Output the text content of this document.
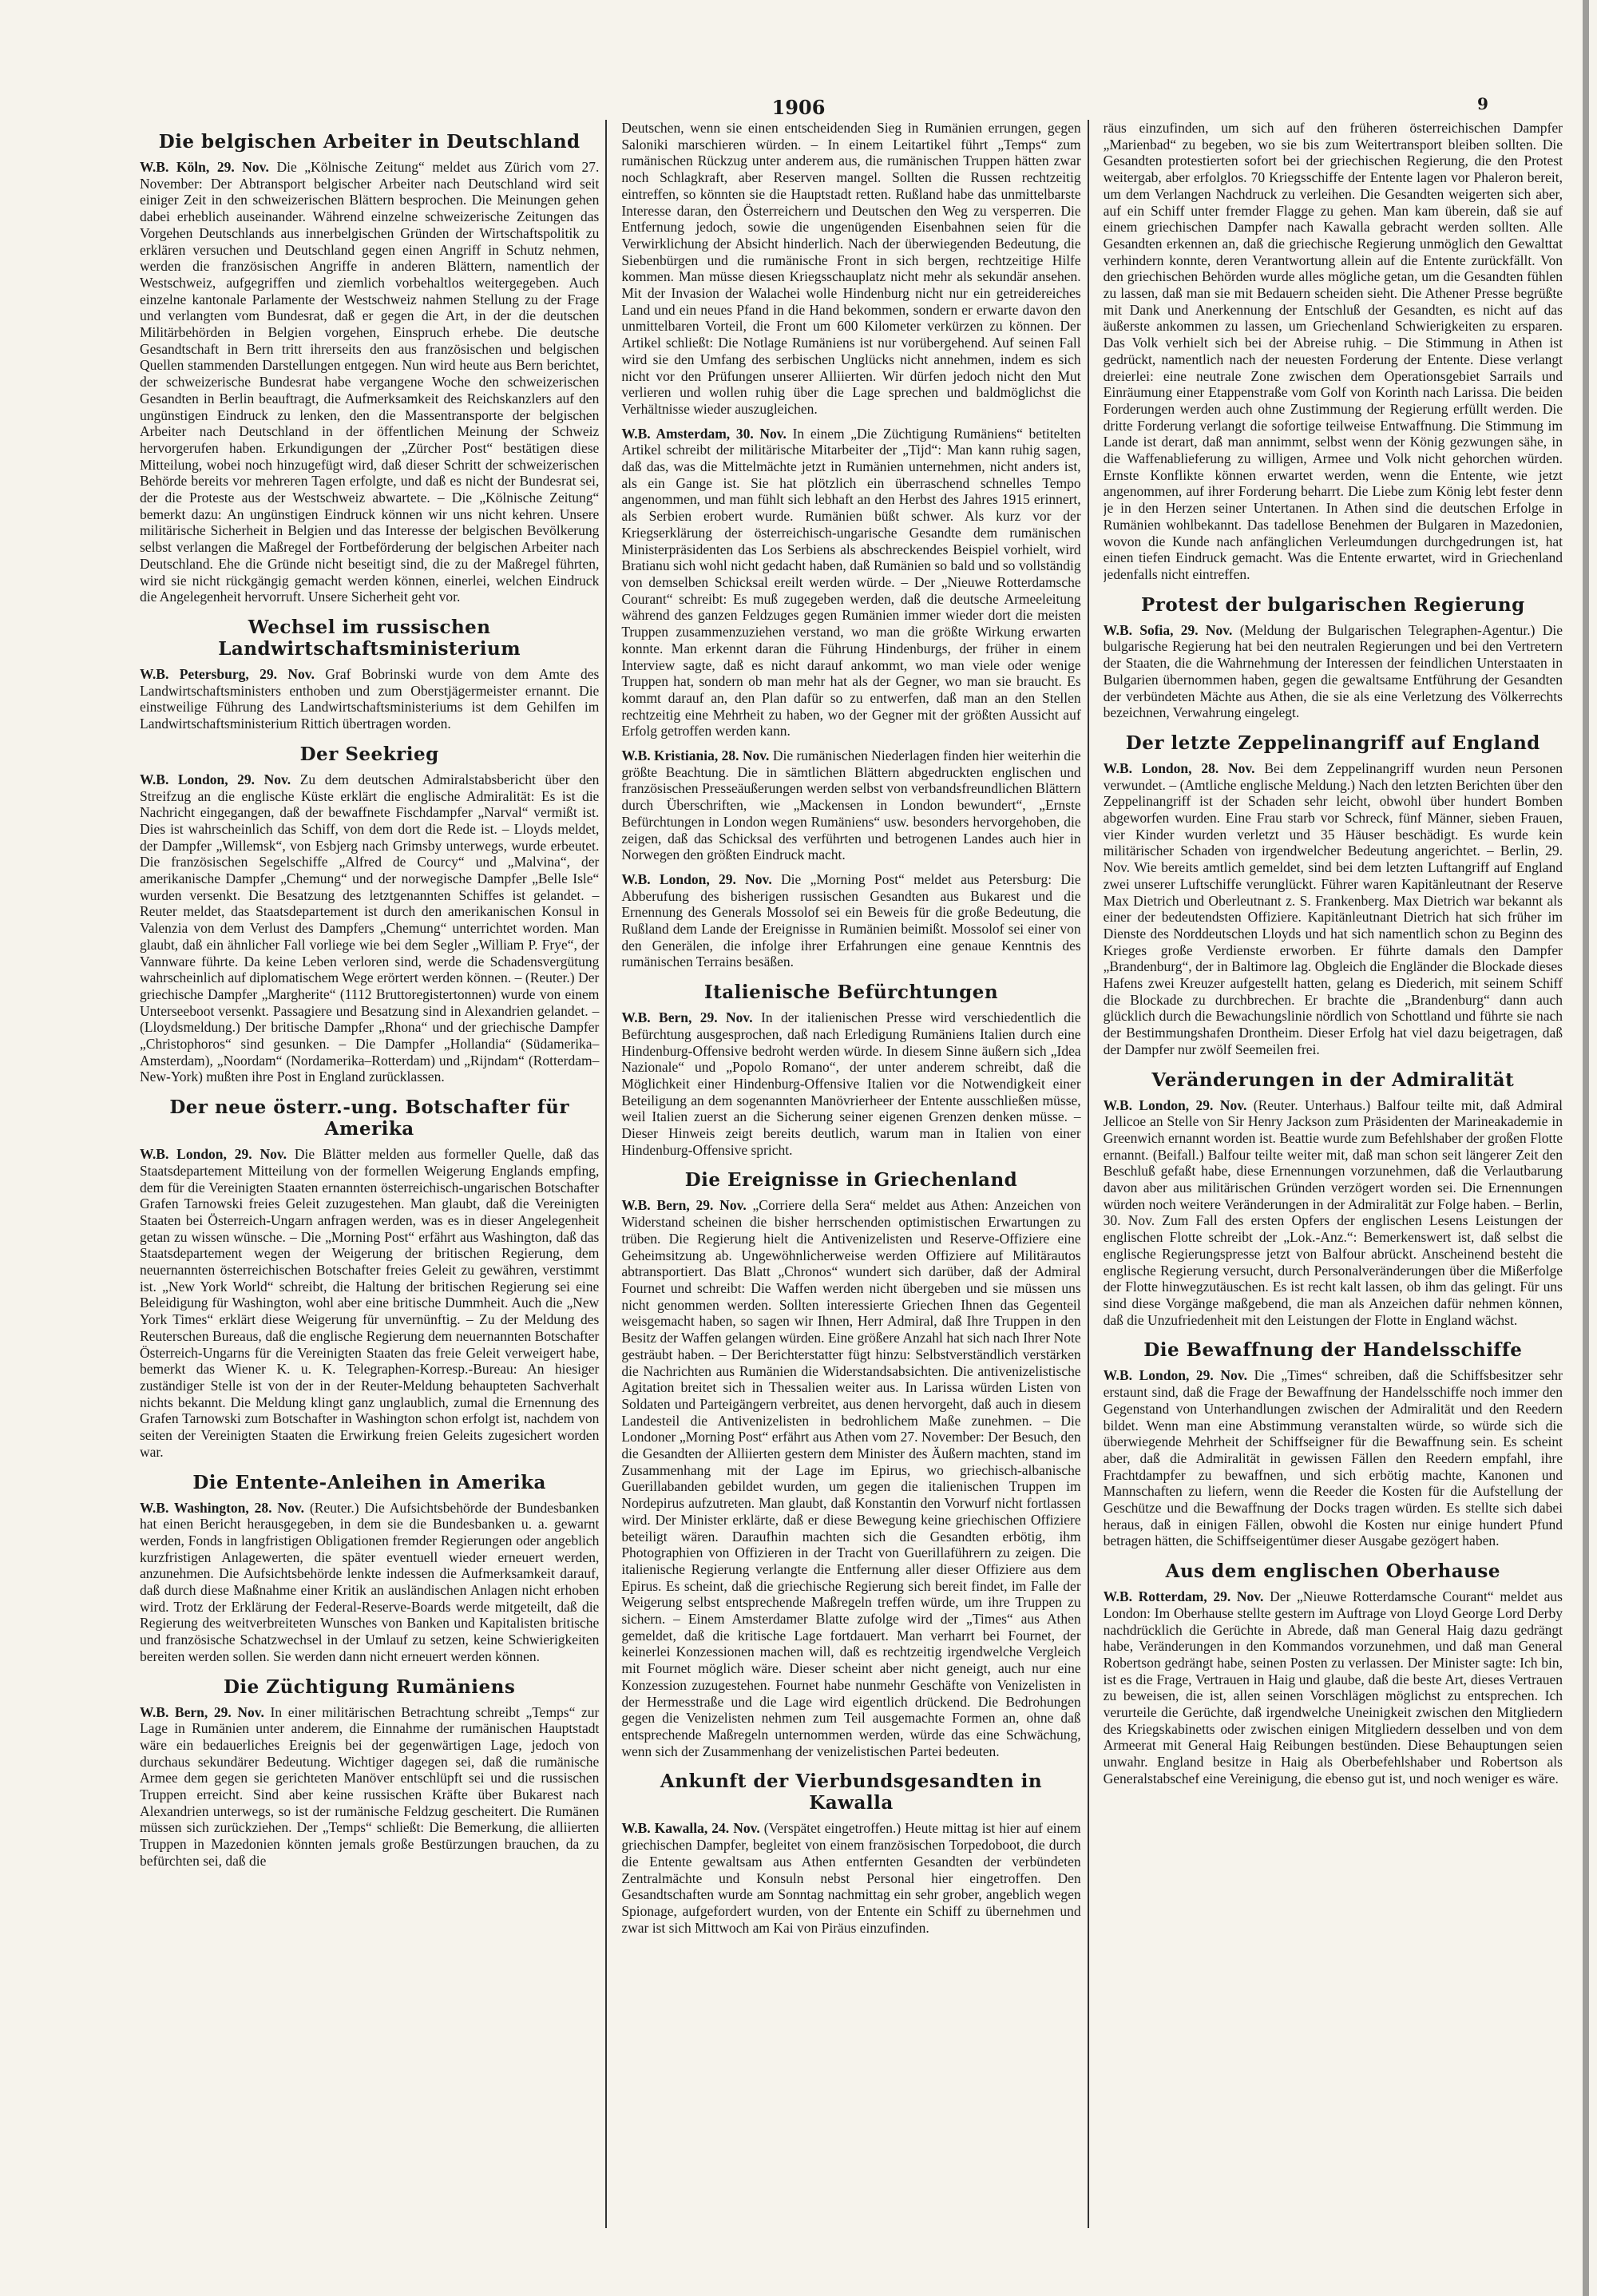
1906	9
Die belgischen Arbeiter in Deutschland

W.B. Köln, 29. Nov. Die „Kölnische Zeitung“ meldet aus Zürich vom 27. November: Der Abtransport belgischer Arbeiter nach Deutschland wird seit einiger Zeit in den schweizerischen Blättern besprochen. Die Meinungen gehen dabei erheblich auseinander. Während einzelne schweizerische Zeitungen das Vorgehen Deutschlands aus innerbelgischen Gründen der Wirtschaftspolitik zu erklären versuchen und Deutschland gegen einen Angriff in Schutz nehmen, werden die französischen Angriffe in anderen Blättern, namentlich der Westschweiz, aufgegriffen und ziemlich vorbehaltlos weitergegeben. Auch einzelne kantonale Parlamente der Westschweiz nahmen Stellung zu der Frage und verlangten vom Bundesrat, daß er gegen die Art, in der die deutschen Militärbehörden in Belgien vorgehen, Einspruch erhebe. Die deutsche Gesandtschaft in Bern tritt ihrerseits den aus französischen und belgischen Quellen stammenden Darstellungen entgegen. Nun wird heute aus Bern berichtet, der schweizerische Bundesrat habe vergangene Woche den schweizerischen Gesandten in Berlin beauftragt, die Aufmerksamkeit des Reichskanzlers auf den ungünstigen Eindruck zu lenken, den die Massentransporte der belgischen Arbeiter nach Deutschland in der öffentlichen Meinung der Schweiz hervorgerufen haben. Erkundigungen der „Zürcher Post“ bestätigen diese Mitteilung, wobei noch hinzugefügt wird, daß dieser Schritt der schweizerischen Behörde bereits vor mehreren Tagen erfolgte, und daß es nicht der Bundesrat sei, der die Proteste aus der Westschweiz abwartete. – Die „Kölnische Zeitung“ bemerkt dazu: An ungünstigen Eindruck können wir uns nicht kehren. Unsere militärische Sicherheit in Belgien und das Interesse der belgischen Bevölkerung selbst verlangen die Maßregel der Fortbeförderung der belgischen Arbeiter nach Deutschland. Ehe die Gründe nicht beseitigt sind, die zu der Maßregel führten, wird sie nicht rückgängig gemacht werden können, einerlei, welchen Eindruck die Angelegenheit hervorruft. Unsere Sicherheit geht vor.

Wechsel im russischen Landwirtschaftsministerium

W.B. Petersburg, 29. Nov. Graf Bobrinski wurde von dem Amte des Landwirtschaftsministers enthoben und zum Oberstjägermeister ernannt. Die einstweilige Führung des Landwirtschaftsministeriums ist dem Gehilfen im Landwirtschaftsministerium Rittich übertragen worden.

Der Seekrieg

W.B. London, 29. Nov. Zu dem deutschen Admiralstabsbericht über den Streifzug an die englische Küste erklärt die englische Admiralität: Es ist die Nachricht eingegangen, daß der bewaffnete Fischdampfer „Narval“ vermißt ist. Dies ist wahrscheinlich das Schiff, von dem dort die Rede ist. – Lloyds meldet, der Dampfer „Willemsk“, von Esbjerg nach Grimsby unterwegs, wurde erbeutet. Die französischen Segelschiffe „Alfred de Courcy“ und „Malvina“, der amerikanische Dampfer „Chemung“ und der norwegische Dampfer „Belle Isle“ wurden versenkt. Die Besatzung des letztgenannten Schiffes ist gelandet. – Reuter meldet, das Staatsdepartement ist durch den amerikanischen Konsul in Valenzia von dem Verlust des Dampfers „Chemung“ unterrichtet worden. Man glaubt, daß ein ähnlicher Fall vorliege wie bei dem Segler „William P. Frye“, der Vannware führte. Da keine Leben verloren sind, werde die Schadensvergütung wahrscheinlich auf diplomatischem Wege erörtert werden können. – (Reuter.) Der griechische Dampfer „Margherite“ (1112 Bruttoregistertonnen) wurde von einem Unterseeboot versenkt. Passagiere und Besatzung sind in Alexandrien gelandet. – (Lloydsmeldung.) Der britische Dampfer „Rhona“ und der griechische Dampfer „Christophoros“ sind gesunken. – Die Dampfer „Hollandia“ (Südamerika–Amsterdam), „Noordam“ (Nordamerika–Rotterdam) und „Rijndam“ (Rotterdam–New-York) mußten ihre Post in England zurücklassen.

Der neue österr.-ung. Botschafter für Amerika

W.B. London, 29. Nov. Die Blätter melden aus formeller Quelle, daß das Staatsdepartement Mitteilung von der formellen Weigerung Englands empfing, dem für die Vereinigten Staaten ernannten österreichisch-ungarischen Botschafter Grafen Tarnowski freies Geleit zuzugestehen. Man glaubt, daß die Vereinigten Staaten bei Österreich-Ungarn anfragen werden, was es in dieser Angelegenheit getan zu wissen wünsche. – Die „Morning Post“ erfährt aus Washington, daß das Staatsdepartement wegen der Weigerung der britischen Regierung, dem neuernannten österreichischen Botschafter freies Geleit zu gewähren, verstimmt ist. „New York World“ schreibt, die Haltung der britischen Regierung sei eine Beleidigung für Washington, wohl aber eine britische Dummheit. Auch die „New York Times“ erklärt diese Weigerung für unvernünftig. – Zu der Meldung des Reuterschen Bureaus, daß die englische Regierung dem neuernannten Botschafter Österreich-Ungarns für die Vereinigten Staaten das freie Geleit verweigert habe, bemerkt das Wiener K. u. K. Telegraphen-Korresp.-Bureau: An hiesiger zuständiger Stelle ist von der in der Reuter-Meldung behaupteten Sachverhalt nichts bekannt. Die Meldung klingt ganz unglaublich, zumal die Ernennung des Grafen Tarnowski zum Botschafter in Washington schon erfolgt ist, nachdem von seiten der Vereinigten Staaten die Erwirkung freien Geleits zugesichert worden war.

Die Entente-Anleihen in Amerika

W.B. Washington, 28. Nov. (Reuter.) Die Aufsichtsbehörde der Bundesbanken hat einen Bericht herausgegeben, in dem sie die Bundesbanken u. a. gewarnt werden, Fonds in langfristigen Obligationen fremder Regierungen oder angeblich kurzfristigen Anlagewerten, die später eventuell wieder erneuert werden, anzunehmen. Die Aufsichtsbehörde lenkte indessen die Aufmerksamkeit darauf, daß durch diese Maßnahme einer Kritik an ausländischen Anlagen nicht erhoben wird. Trotz der Erklärung der Federal-Reserve-Boards werde mitgeteilt, daß die Regierung des weitverbreiteten Wunsches von Banken und Kapitalisten britische und französische Schatzwechsel in der Umlauf zu setzen, keine Schwierigkeiten bereiten werden sollen. Sie werden dann nicht erneuert werden können.

Die Züchtigung Rumäniens

W.B. Bern, 29. Nov. In einer militärischen Betrachtung schreibt „Temps“ zur Lage in Rumänien unter anderem, die Einnahme der rumänischen Hauptstadt wäre ein bedauerliches Ereignis bei der gegenwärtigen Lage, jedoch von durchaus sekundärer Bedeutung. Wichtiger dagegen sei, daß die rumänische Armee dem gegen sie gerichteten Manöver entschlüpft sei und die russischen Truppen erreicht. Sind aber keine russischen Kräfte über Bukarest nach Alexandrien unterwegs, so ist der rumänische Feldzug gescheitert. Die Rumänen müssen sich zurückziehen. Der „Temps“ schließt: Die Bemerkung, die alliierten Truppen in Mazedonien könnten jemals große Bestürzungen brauchen, da zu befürchten sei, daß die

Deutschen, wenn sie einen entscheidenden Sieg in Rumänien errungen, gegen Saloniki marschieren würden. – In einem Leitartikel führt „Temps“ zum rumänischen Rückzug unter anderem aus, die rumänischen Truppen hätten zwar noch Schlagkraft, aber Reserven mangel. Sollten die Russen rechtzeitig eintreffen, so könnten sie die Hauptstadt retten. Rußland habe das unmittelbarste Interesse daran, den Österreichern und Deutschen den Weg zu versperren. Die Entfernung jedoch, sowie die ungenügenden Eisenbahnen seien für die Verwirklichung der Absicht hinderlich. Nach der überwiegenden Bedeutung, die Siebenbürgen und die rumänische Front in sich bergen, rechtzeitige Hilfe kommen. Man müsse diesen Kriegsschauplatz nicht mehr als sekundär ansehen. Mit der Invasion der Walachei wolle Hindenburg nicht nur ein getreidereiches Land und ein neues Pfand in die Hand bekommen, sondern er erwarte davon den unmittelbaren Vorteil, die Front um 600 Kilometer verkürzen zu können. Der Artikel schließt: Die Notlage Rumäniens ist nur vorübergehend. Auf seinen Fall wird sie den Umfang des serbischen Unglücks nicht annehmen, indem es sich nicht vor den Prüfungen unserer Alliierten. Wir dürfen jedoch nicht den Mut verlieren und wollen ruhig über die Lage sprechen und baldmöglichst die Verhältnisse wieder auszugleichen.

W.B. Amsterdam, 30. Nov. In einem „Die Züchtigung Rumäniens“ betitelten Artikel schreibt der militärische Mitarbeiter der „Tijd“: Man kann ruhig sagen, daß das, was die Mittelmächte jetzt in Rumänien unternehmen, nicht anders ist, als ein Gange ist. Sie hat plötzlich ein überraschend schnelles Tempo angenommen, und man fühlt sich lebhaft an den Herbst des Jahres 1915 erinnert, als Serbien erobert wurde. Rumänien büßt schwer. Als kurz vor der Kriegserklärung der österreichisch-ungarische Gesandte dem rumänischen Ministerpräsidenten das Los Serbiens als abschreckendes Beispiel vorhielt, wird Bratianu sich wohl nicht gedacht haben, daß Rumänien so bald und so vollständig von demselben Schicksal ereilt werden würde. – Der „Nieuwe Rotterdamsche Courant“ schreibt: Es muß zugegeben werden, daß die deutsche Armeeleitung während des ganzen Feldzuges gegen Rumänien immer wieder dort die meisten Truppen zusammenzuziehen verstand, wo man die größte Wirkung erwarten konnte. Man erkennt daran die Führung Hindenburgs, der früher in einem Interview sagte, daß es nicht darauf ankommt, wo man viele oder wenige Truppen hat, sondern ob man mehr hat als der Gegner, wo man sie braucht. Es kommt darauf an, den Plan dafür so zu entwerfen, daß man an den Stellen rechtzeitig eine Mehrheit zu haben, wo der Gegner mit der größten Aussicht auf Erfolg getroffen werden kann.

W.B. Kristiania, 28. Nov. Die rumänischen Niederlagen finden hier weiterhin die größte Beachtung. Die in sämtlichen Blättern abgedruckten englischen und französischen Presseäußerungen werden selbst von verbandsfreundlichen Blättern durch Überschriften, wie „Mackensen in London bewundert“, „Ernste Befürchtungen in London wegen Rumäniens“ usw. besonders hervorgehoben, die zeigen, daß das Schicksal des verführten und betrogenen Landes auch hier in Norwegen den größten Eindruck macht.

W.B. London, 29. Nov. Die „Morning Post“ meldet aus Petersburg: Die Abberufung des bisherigen russischen Gesandten aus Bukarest und die Ernennung des Generals Mossolof sei ein Beweis für die große Bedeutung, die Rußland dem Lande der Ereignisse in Rumänien beimißt. Mossolof sei einer von den Generälen, die infolge ihrer Erfahrungen eine genaue Kenntnis des rumänischen Terrains besäßen.

Italienische Befürchtungen

W.B. Bern, 29. Nov. In der italienischen Presse wird verschiedentlich die Befürchtung ausgesprochen, daß nach Erledigung Rumäniens Italien durch eine Hindenburg-Offensive bedroht werden würde. In diesem Sinne äußern sich „Idea Nazionale“ und „Popolo Romano“, der unter anderem schreibt, daß die Möglichkeit einer Hindenburg-Offensive Italien vor die Notwendigkeit einer Beteiligung an dem sogenannten Manövrierheer der Entente ausschließen müsse, weil Italien zuerst an die Sicherung seiner eigenen Grenzen denken müsse. – Dieser Hinweis zeigt bereits deutlich, warum man in Italien von einer Hindenburg-Offensive spricht.

Die Ereignisse in Griechenland

W.B. Bern, 29. Nov. „Corriere della Sera“ meldet aus Athen: Anzeichen von Widerstand scheinen die bisher herrschenden optimistischen Erwartungen zu trüben. Die Regierung hielt die Antivenizelisten und Reserve-Offiziere eine Geheimsitzung ab. Ungewöhnlicherweise werden Offiziere auf Militärautos abtransportiert. Das Blatt „Chronos“ wundert sich darüber, daß der Admiral Fournet und schreibt: Die Waffen werden nicht übergeben und sie müssen uns nicht genommen werden. Sollten interessierte Griechen Ihnen das Gegenteil weisgemacht haben, so sagen wir Ihnen, Herr Admiral, daß Ihre Truppen in den Besitz der Waffen gelangen würden. Eine größere Anzahl hat sich nach Ihrer Note gesträubt haben. – Der Berichterstatter fügt hinzu: Selbstverständlich verstärken die Nachrichten aus Rumänien die Widerstandsabsichten. Die antivenizelistische Agitation breitet sich in Thessalien weiter aus. In Larissa würden Listen von Soldaten und Parteigängern verbreitet, aus denen hervorgeht, daß auch in diesem Landesteil die Antivenizelisten in bedrohlichem Maße zunehmen. – Die Londoner „Morning Post“ erfährt aus Athen vom 27. November: Der Besuch, den die Gesandten der Alliierten gestern dem Minister des Äußern machten, stand im Zusammenhang mit der Lage im Epirus, wo griechisch-albanische Guerillabanden gebildet wurden, um gegen die italienischen Truppen im Nordepirus aufzutreten. Man glaubt, daß Konstantin den Vorwurf nicht fortlassen wird. Der Minister erklärte, daß er diese Bewegung keine griechischen Offiziere beteiligt wären. Daraufhin machten sich die Gesandten erbötig, ihm Photographien von Offizieren in der Tracht von Guerillaführern zu zeigen. Die italienische Regierung verlangte die Entfernung aller dieser Offiziere aus dem Epirus. Es scheint, daß die griechische Regierung sich bereit findet, im Falle der Weigerung selbst entsprechende Maßregeln treffen würde, um ihre Truppen zu sichern. – Einem Amsterdamer Blatte zufolge wird der „Times“ aus Athen gemeldet, daß die kritische Lage fortdauert. Man verharrt bei Fournet, der keinerlei Konzessionen machen will, daß es rechtzeitig irgendwelche Vergleich mit Fournet möglich wäre. Dieser scheint aber nicht geneigt, auch nur eine Konzession zuzugestehen. Fournet habe nunmehr Geschäfte von Venizelisten in der Hermesstraße und die Lage wird eigentlich drückend. Die Bedrohungen gegen die Venizelisten nehmen zum Teil ausgemachte Formen an, ohne daß entsprechende Maßregeln unternommen werden, würde das eine Schwächung, wenn sich der Zusammenhang der venizelistischen Partei bedeuten.

Ankunft der Vierbundsgesandten in Kawalla

W.B. Kawalla, 24. Nov. (Verspätet eingetroffen.) Heute mittag ist hier auf einem griechischen Dampfer, begleitet von einem französischen Torpedoboot, die durch die Entente gewaltsam aus Athen entfernten Gesandten der verbündeten Zentralmächte und Konsuln nebst Personal hier eingetroffen. Den Gesandtschaften wurde am Sonntag nachmittag ein sehr grober, angeblich wegen Spionage, aufgefordert wurden, von der Entente ein Schiff zu übernehmen und zwar ist sich Mittwoch am Kai von Piräus einzufinden.

räus einzufinden, um sich auf den früheren österreichischen Dampfer „Marienbad“ zu begeben, wo sie bis zum Weitertransport bleiben sollten. Die Gesandten protestierten sofort bei der griechischen Regierung, die den Protest weitergab, aber erfolglos. 70 Kriegsschiffe der Entente lagen vor Phaleron bereit, um dem Verlangen Nachdruck zu verleihen. Die Gesandten weigerten sich aber, auf ein Schiff unter fremder Flagge zu gehen. Man kam überein, daß sie auf einem griechischen Dampfer nach Kawalla gebracht werden sollten. Alle Gesandten erkennen an, daß die griechische Regierung unmöglich den Gewalttat verhindern konnte, deren Verantwortung allein auf die Entente zurückfällt. Von den griechischen Behörden wurde alles mögliche getan, um die Gesandten fühlen zu lassen, daß man sie mit Bedauern scheiden sieht. Die Athener Presse begrüßte mit Dank und Anerkennung der Entschluß der Gesandten, es nicht auf das äußerste ankommen zu lassen, um Griechenland Schwierigkeiten zu ersparen. Das Volk verhielt sich bei der Abreise ruhig. – Die Stimmung in Athen ist gedrückt, namentlich nach der neuesten Forderung der Entente. Diese verlangt dreierlei: eine neutrale Zone zwischen dem Operationsgebiet Sarrails und Einräumung einer Etappenstraße vom Golf von Korinth nach Larissa. Die beiden Forderungen werden auch ohne Zustimmung der Regierung erfüllt werden. Die dritte Forderung verlangt die sofortige teilweise Entwaffnung. Die Stimmung im Lande ist derart, daß man annimmt, selbst wenn der König gezwungen sähe, in die Waffenablieferung zu willigen, Armee und Volk nicht gehorchen würden. Ernste Konflikte können erwartet werden, wenn die Entente, wie jetzt angenommen, auf ihrer Forderung beharrt. Die Liebe zum König lebt fester denn je in den Herzen seiner Untertanen. In Athen sind die deutschen Erfolge in Rumänien wohlbekannt. Das tadellose Benehmen der Bulgaren in Mazedonien, wovon die Kunde nach anfänglichen Verleumdungen durchgedrungen ist, hat einen tiefen Eindruck gemacht. Was die Entente erwartet, wird in Griechenland jedenfalls nicht eintreffen.

Protest der bulgarischen Regierung

W.B. Sofia, 29. Nov. (Meldung der Bulgarischen Telegraphen-Agentur.) Die bulgarische Regierung hat bei den neutralen Regierungen und bei den Vertretern der Staaten, die die Wahrnehmung der Interessen der feindlichen Unterstaaten in Bulgarien übernommen haben, gegen die gewaltsame Entführung der Gesandten der verbündeten Mächte aus Athen, die sie als eine Verletzung des Völkerrechts bezeichnen, Verwahrung eingelegt.

Der letzte Zeppelinangriff auf England

W.B. London, 28. Nov. Bei dem Zeppelinangriff wurden neun Personen verwundet. – (Amtliche englische Meldung.) Nach den letzten Berichten über den Zeppelinangriff ist der Schaden sehr leicht, obwohl über hundert Bomben abgeworfen wurden. Eine Frau starb vor Schreck, fünf Männer, sieben Frauen, vier Kinder wurden verletzt und 35 Häuser beschädigt. Es wurde kein militärischer Schaden von irgendwelcher Bedeutung angerichtet. – Berlin, 29. Nov. Wie bereits amtlich gemeldet, sind bei dem letzten Luftangriff auf England zwei unserer Luftschiffe verunglückt. Führer waren Kapitänleutnant der Reserve Max Dietrich und Oberleutnant z. S. Frankenberg. Max Dietrich war bekannt als einer der bedeutendsten Offiziere. Kapitänleutnant Dietrich hat sich früher im Dienste des Norddeutschen Lloyds und hat sich namentlich schon zu Beginn des Krieges große Verdienste erworben. Er führte damals den Dampfer „Brandenburg“, der in Baltimore lag. Obgleich die Engländer die Blockade dieses Hafens zwei Kreuzer aufgestellt hatten, gelang es Diederich, mit seinem Schiff die Blockade zu durchbrechen. Er brachte die „Brandenburg“ dann auch glücklich durch die Bewachungslinie nördlich von Schottland und führte sie nach der Bestimmungshafen Drontheim. Dieser Erfolg hat viel dazu beigetragen, daß der Dampfer nur zwölf Seemeilen frei.

Veränderungen in der Admiralität

W.B. London, 29. Nov. (Reuter. Unterhaus.) Balfour teilte mit, daß Admiral Jellicoe an Stelle von Sir Henry Jackson zum Präsidenten der Marineakademie in Greenwich ernannt worden ist. Beattie wurde zum Befehlshaber der großen Flotte ernannt. (Beifall.) Balfour teilte weiter mit, daß man schon seit längerer Zeit den Beschluß gefaßt habe, diese Ernennungen vorzunehmen, daß die Verlautbarung davon aber aus militärischen Gründen verzögert worden sei. Die Ernennungen würden noch weitere Veränderungen in der Admiralität zur Folge haben. – Berlin, 30. Nov. Zum Fall des ersten Opfers der englischen Lesens Leistungen der englischen Flotte schreibt der „Lok.-Anz.“: Bemerkenswert ist, daß selbst die englische Regierungspresse jetzt von Balfour abrückt. Anscheinend besteht die englische Regierung versucht, durch Personalveränderungen über die Mißerfolge der Flotte hinwegzutäuschen. Es ist recht kalt lassen, ob ihm das gelingt. Für uns sind diese Vorgänge maßgebend, die man als Anzeichen dafür nehmen können, daß die Unzufriedenheit mit den Leistungen der Flotte in England wächst.

Die Bewaffnung der Handelsschiffe

W.B. London, 29. Nov. Die „Times“ schreiben, daß die Schiffsbesitzer sehr erstaunt sind, daß die Frage der Bewaffnung der Handelsschiffe noch immer den Gegenstand von Unterhandlungen zwischen der Admiralität und den Reedern bildet. Wenn man eine Abstimmung veranstalten würde, so würde sich die überwiegende Mehrheit der Schiffseigner für die Bewaffnung sein. Es scheint aber, daß die Admiralität in gewissen Fällen den Reedern empfahl, ihre Frachtdampfer zu bewaffnen, und sich erbötig machte, Kanonen und Mannschaften zu liefern, wenn die Reeder die Kosten für die Aufstellung der Geschütze und die Bewaffnung der Docks tragen würden. Es stellte sich dabei heraus, daß in einigen Fällen, obwohl die Kosten nur einige hundert Pfund betragen hätten, die Schiffseigentümer dieser Ausgabe gezögert haben.

Aus dem englischen Oberhause

W.B. Rotterdam, 29. Nov. Der „Nieuwe Rotterdamsche Courant“ meldet aus London: Im Oberhause stellte gestern im Auftrage von Lloyd George Lord Derby nachdrücklich die Gerüchte in Abrede, daß man General Haig dazu gedrängt habe, Veränderungen in den Kommandos vorzunehmen, und daß man General Robertson gedrängt habe, seinen Posten zu verlassen. Der Minister sagte: Ich bin, ist es die Frage, Vertrauen in Haig und glaube, daß die beste Art, dieses Vertrauen zu beweisen, die ist, allen seinen Vorschlägen möglichst zu entsprechen. Ich verurteile die Gerüchte, daß irgendwelche Uneinigkeit zwischen den Mitgliedern des Kriegskabinetts oder zwischen einigen Mitgliedern desselben und von dem Armeerat mit General Haig Reibungen bestünden. Diese Behauptungen seien unwahr. England besitze in Haig als Oberbefehlshaber und Robertson als Generalstabschef eine Vereinigung, die ebenso gut ist, und noch weniger es wäre.
